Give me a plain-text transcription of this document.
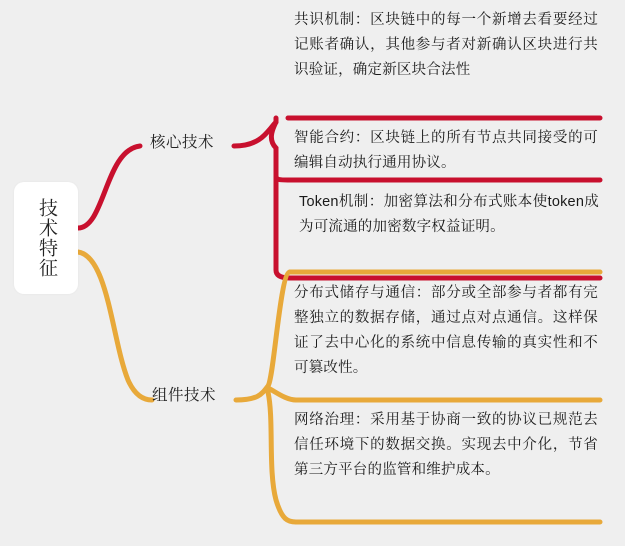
技术特征
核心技术
组件技术
共识机制：区块链中的每一个新增去看要经过记账者确认，其他参与者对新确认区块进行共识验证，确定新区块合法性
智能合约：区块链上的所有节点共同接受的可编辑自动执行通用协议。
Token机制：加密算法和分布式账本使token成为可流通的加密数字权益证明。
分布式储存与通信：部分或全部参与者都有完整独立的数据存储，通过点对点通信。这样保证了去中心化的系统中信息传输的真实性和不可篡改性。
网络治理：采用基于协商一致的协议已规范去信任环境下的数据交换。实现去中介化，节省第三方平台的监管和维护成本。
